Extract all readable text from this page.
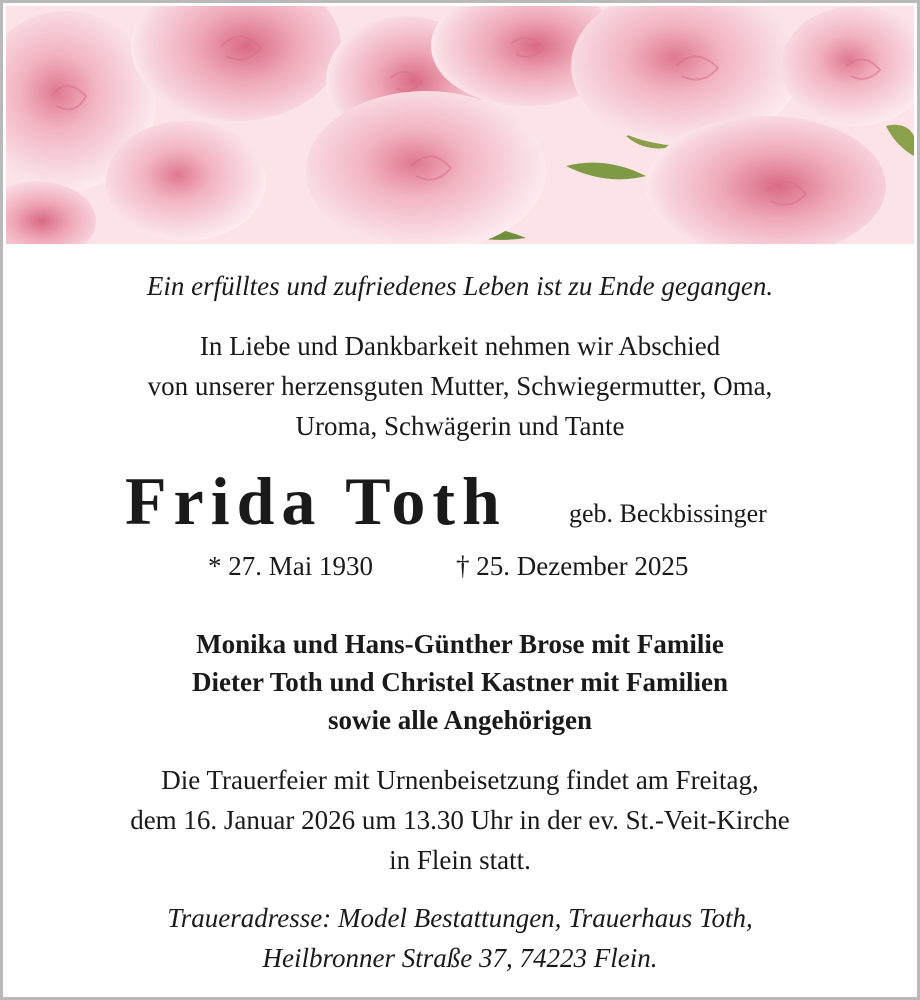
Ein erfülltes und zufriedenes Leben ist zu Ende gegangen.
In Liebe und Dankbarkeit nehmen wir Abschied
von unserer herzensguten Mutter, Schwiegermutter, Oma,
Uroma, Schwägerin und Tante
Frida Toth geb. Beckbissinger
* 27. Mai 1930	† 25. Dezember 2025
Monika und Hans-Günther Brose mit Familie
Dieter Toth und Christel Kastner mit Familien
sowie alle Angehörigen
Die Trauerfeier mit Urnenbeisetzung findet am Freitag,
dem 16. Januar 2026 um 13.30 Uhr in der ev. St.-Veit-Kirche
in Flein statt.
Traueradresse: Model Bestattungen, Trauerhaus Toth,
Heilbronner Straße 37, 74223 Flein.
